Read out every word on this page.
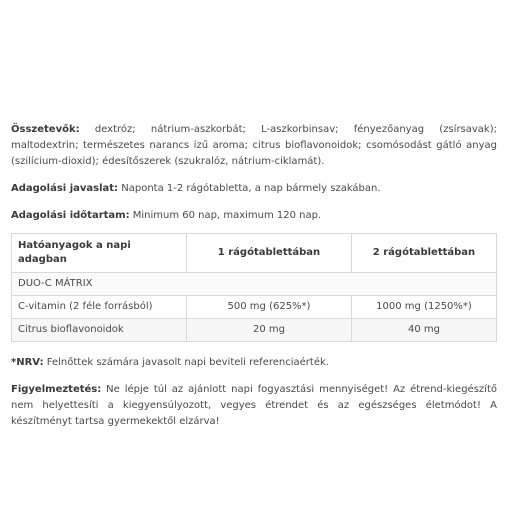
Összetevők: dextróz; nátrium-aszkorbát; L-aszkorbinsav; fényezőanyag (zsírsavak); maltodextrin; természetes narancs ízű aroma; citrus bioflavonoidok; csomósodást gátló anyag (szilícium-dioxid); édesítőszerek (szukralóz, nátrium-ciklamát).

Adagolási javaslat: Naponta 1-2 rágótabletta, a nap bármely szakában.

Adagolási időtartam: Minimum 60 nap, maximum 120 nap.

Hatóanyagok a napi adagban	1 rágótablettában	2 rágótablettában
DUO-C MÁTRIX		
C-vitamin (2 féle forrásból)	500 mg (625%*)	1000 mg (1250%*)
Citrus bioflavonoidok	20 mg	40 mg

*NRV: Felnőttek számára javasolt napi beviteli referenciaérték.

Figyelmeztetés: Ne lépje túl az ajánlott napi fogyasztási mennyiséget! Az étrend-kiegészítő nem helyettesíti a kiegyensúlyozott, vegyes étrendet és az egészséges életmódot! A készítményt tartsa gyermekektől elzárva!
